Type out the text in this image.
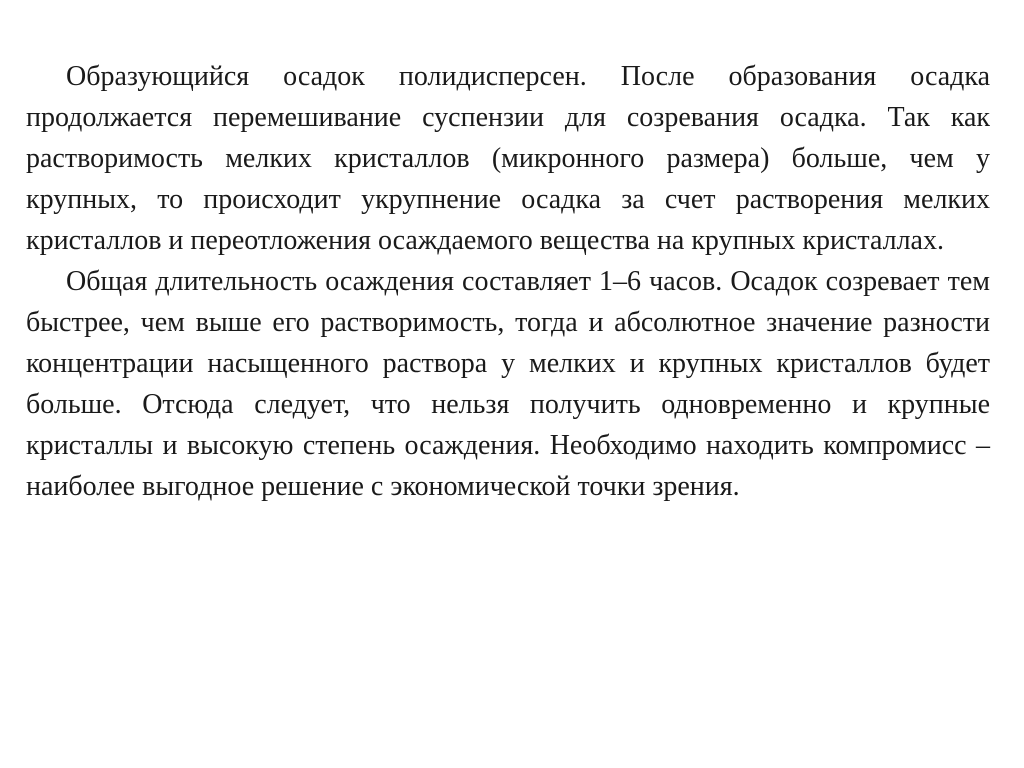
Образующийся осадок полидисперсен. После образования осадка продолжается перемешивание суспензии для созревания осадка. Так как растворимость мелких кристаллов (микронного размера) больше, чем у крупных, то происходит укрупнение осадка за счет растворения мелких кристаллов и переотложения осаждаемого вещества на крупных кристаллах.

Общая длительность осаждения составляет 1–6 часов. Осадок созревает тем быстрее, чем выше его растворимость, тогда и абсолютное значение разности концентрации насыщенного раствора у мелких и крупных кристаллов будет больше. Отсюда следует, что нельзя получить одновременно и крупные кристаллы и высокую степень осаждения. Необходимо находить компромисс – наиболее выгодное решение с экономической точки зрения.
